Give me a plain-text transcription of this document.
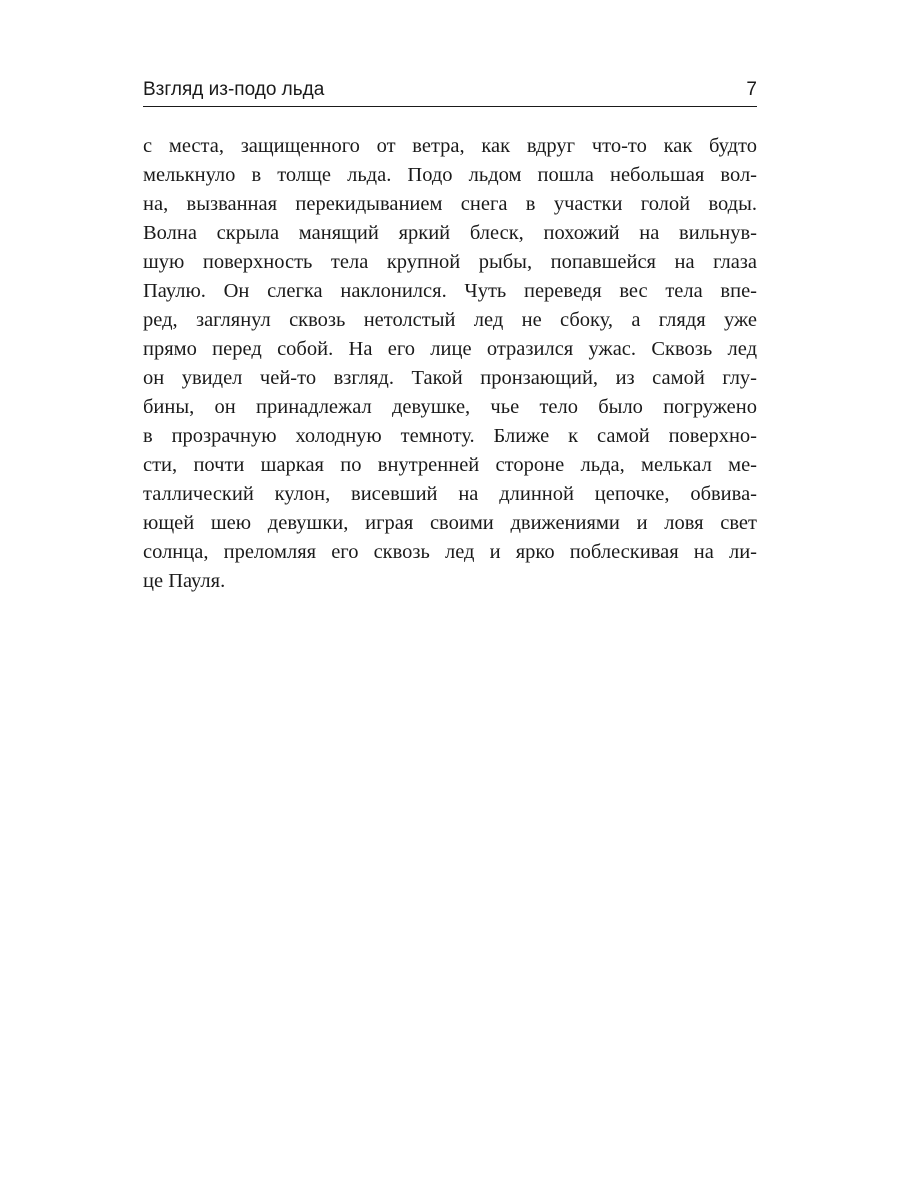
Взгляд из-подо льда	7
с места, защищенного от ветра, как вдруг что-то как будто
мелькнуло в толще льда. Подо льдом пошла небольшая вол-
на, вызванная перекидыванием снега в участки голой воды.
Волна скрыла манящий яркий блеск, похожий на вильнув-
шую поверхность тела крупной рыбы, попавшейся на глаза
Паулю. Он слегка наклонился. Чуть переведя вес тела впе-
ред, заглянул сквозь нетолстый лед не сбоку, а глядя уже
прямо перед собой. На его лице отразился ужас. Сквозь лед
он увидел чей-то взгляд. Такой пронзающий, из самой глу-
бины, он принадлежал девушке, чье тело было погружено
в прозрачную холодную темноту. Ближе к самой поверхно-
сти, почти шаркая по внутренней стороне льда, мелькал ме-
таллический кулон, висевший на длинной цепочке, обвива-
ющей шею девушки, играя своими движениями и ловя свет
солнца, преломляя его сквозь лед и ярко поблескивая на ли-
це Пауля.
